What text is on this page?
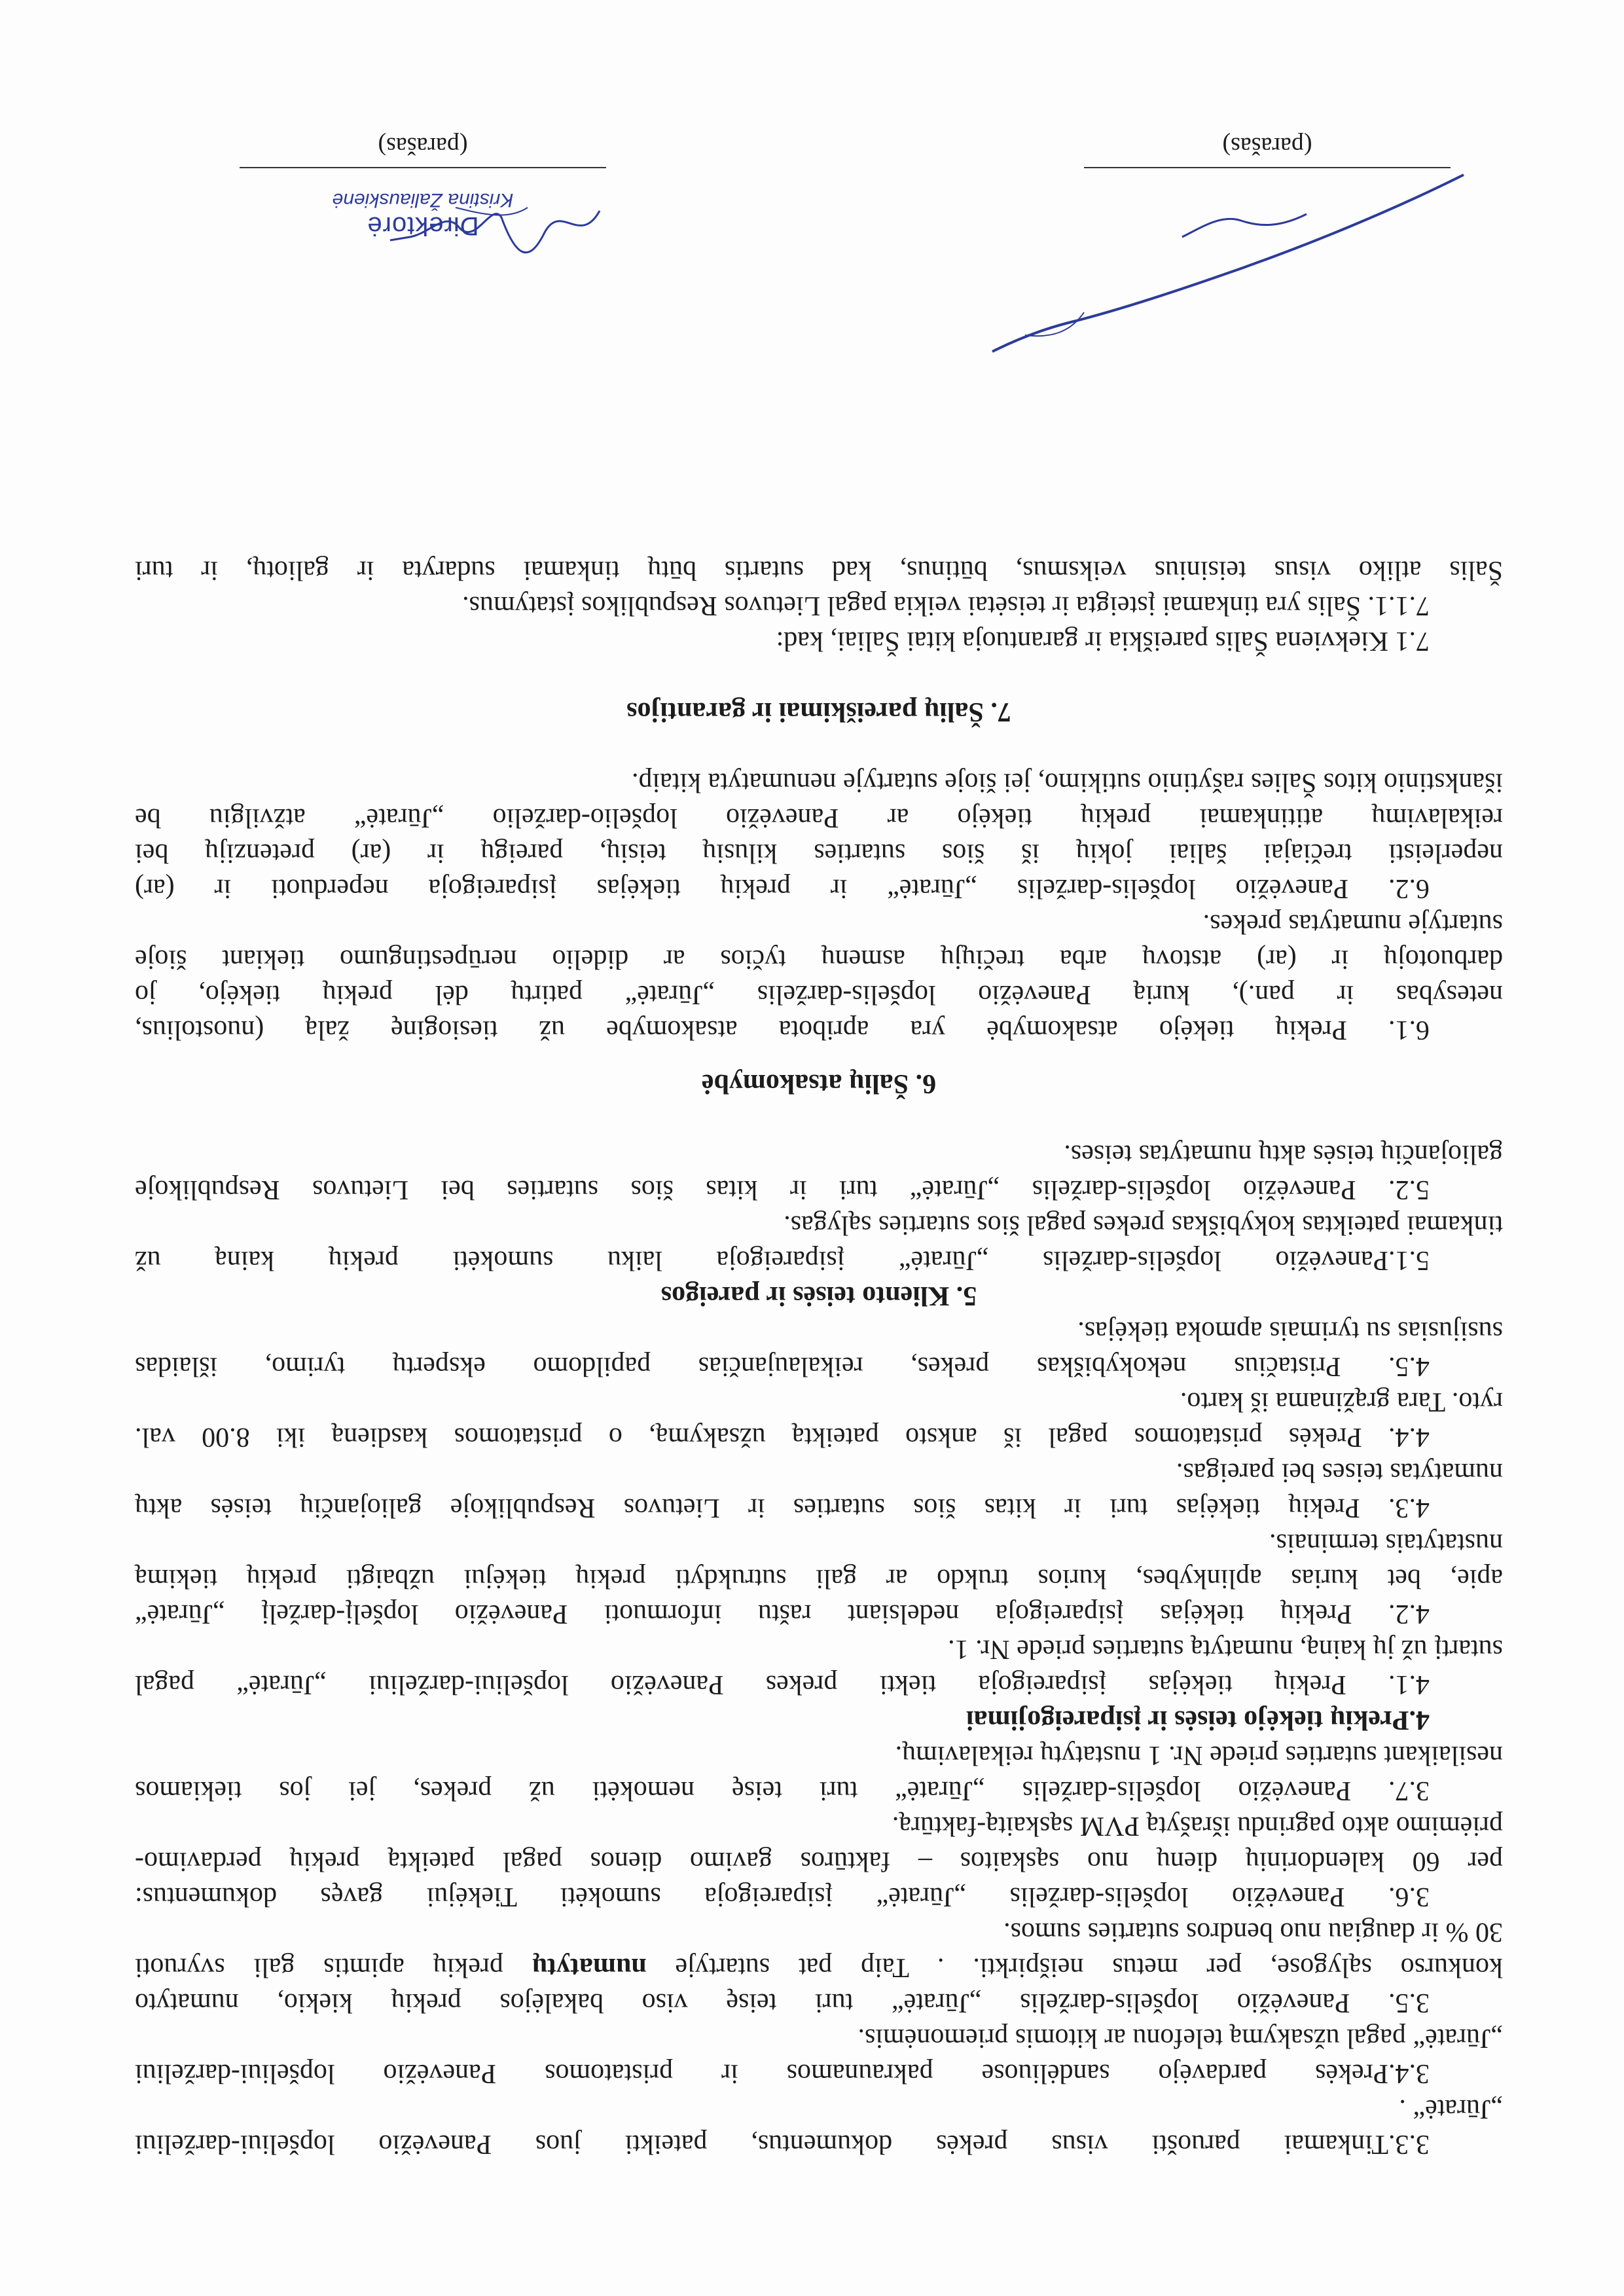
3.3.Tinkamai paruošti visus prekės dokumentus, pateikti juos Panevėžio lopšeliui-darželiui

„Jūratė“ .

3.4.Prekės pardavėjo sandėliuose pakraunamos ir pristatomos Panevėžio lopšeliui-darželiui

„Jūratė“ pagal užsakymą telefonu ar kitomis priemonėmis.

3.5. Panevėžio lopšelis-darželis „Jūratė“ turi teisę viso bakalėjos prekių kiekio, numatyto

konkurso sąlygose, per metus neišpirkti. . Taip pat sutartyje numatytų prekių apimtis gali svyruoti

30 % ir daugiau nuo bendros sutarties sumos.

3.6. Panevėžio lopšelis-darželis „Jūratė“ įsipareigoja sumokėti Tiekėjui gavęs dokumentus:

per 60 kalendorinių dienų nuo sąskaitos – faktūros gavimo dienos pagal pateiktą prekių perdavimo-

priėmimo akto pagrindu išrašytą PVM sąskaitą-faktūrą.

3.7. Panevėžio lopšelis-darželis „Jūratė“ turi teisę nemokėti už prekes, jei jos tiekiamos

nesilaikant sutarties priede Nr. 1 nustatytų reikalavimų.

4.Prekių tiekėjo teisės ir įsipareigojimai

4.1. Prekių tiekėjas įsipareigoja tiekti prekes Panevėžio lopšeliui-darželiui „Jūratė“ pagal

sutartį už jų kainą, numatytą sutarties priede Nr. 1.

4.2. Prekių tiekėjas įsipareigoja nedelsiant raštu informuoti Panevėžio lopšelį-darželį „Jūratė“

apie, bet kurias aplinkybes, kurios trukdo ar gali sutrukdyti prekių tiekėjui užbaigti prekių tiekimą

nustatytais terminais.

4.3. Prekių tiekėjas turi ir kitas šios sutarties ir Lietuvos Respublikoje galiojančių teisės aktų

numatytas teises bei pareigas.

4.4. Prekės pristatomos pagal iš anksto pateiktą užsakymą, o pristatomos kasdieną iki 8.00 val.

ryto. Tara grąžinama iš karto.

4.5. Pristačius nekokybiškas prekes, reikalaujančias papildomo ekspertų tyrimo, išlaidas

susijusias su tyrimais apmoka tiekėjas.

5. Kliento teisės ir pareigos

5.1.Panevėžio lopšelis-darželis „Jūratė“ įsipareigoja laiku sumokėti prekių kainą už

tinkamai pateiktas kokybiškas prekes pagal šios sutarties sąlygas.

5.2. Panevėžio lopšelis-darželis „Jūratė“ turi ir kitas šios sutarties bei Lietuvos Respublikoje

galiojančių teisės aktų numatytas teises.

6. Šalių atsakomybė

6.1. Prekių tiekėjo atsakomybė yra apribota atsakomybe už tiesioginę žalą (nuostolius,

netesybas ir pan.), kurią Panevėžio lopšelis-darželis „Jūratė“ patirtų dėl prekių tiekėjo, jo

darbuotojų ir (ar) atstovų arba trečiųjų asmenų tyčios ar didelio nerūpestingumo tiekiant šioje

sutartyje numatytas prekes.

6.2. Panevėžio lopšelis-darželis „Jūratė“ ir prekių tiekėjas įsipareigoja neperduoti ir (ar)

neperleisti trečiajai šaliai jokių iš šios sutarties kilusių teisių, pareigų ir (ar) pretenzijų bei

reikalavimų atitinkamai prekių tiekėjo ar Panevėžio lopšelio-darželio „Jūratė“ atžvilgiu be

išankstinio kitos Šalies rašytinio sutikimo, jei šioje sutartyje nenumatyta kitaip.

7. Šalių pareiškimai ir garantijos

7.1 Kiekviena Šalis pareiškia ir garantuoja kitai Šaliai, kad:

7.1.1. Šalis yra tinkamai įsteigta ir teisėtai veikia pagal Lietuvos Respublikos įstatymus.

Šalis atliko visus teisinius veiksmus, būtinus, kad sutartis būtų tinkamai sudaryta ir galiotų, ir turi

Direktorė
Kristina Žaliauskienė
(parašas)	(parašas)
